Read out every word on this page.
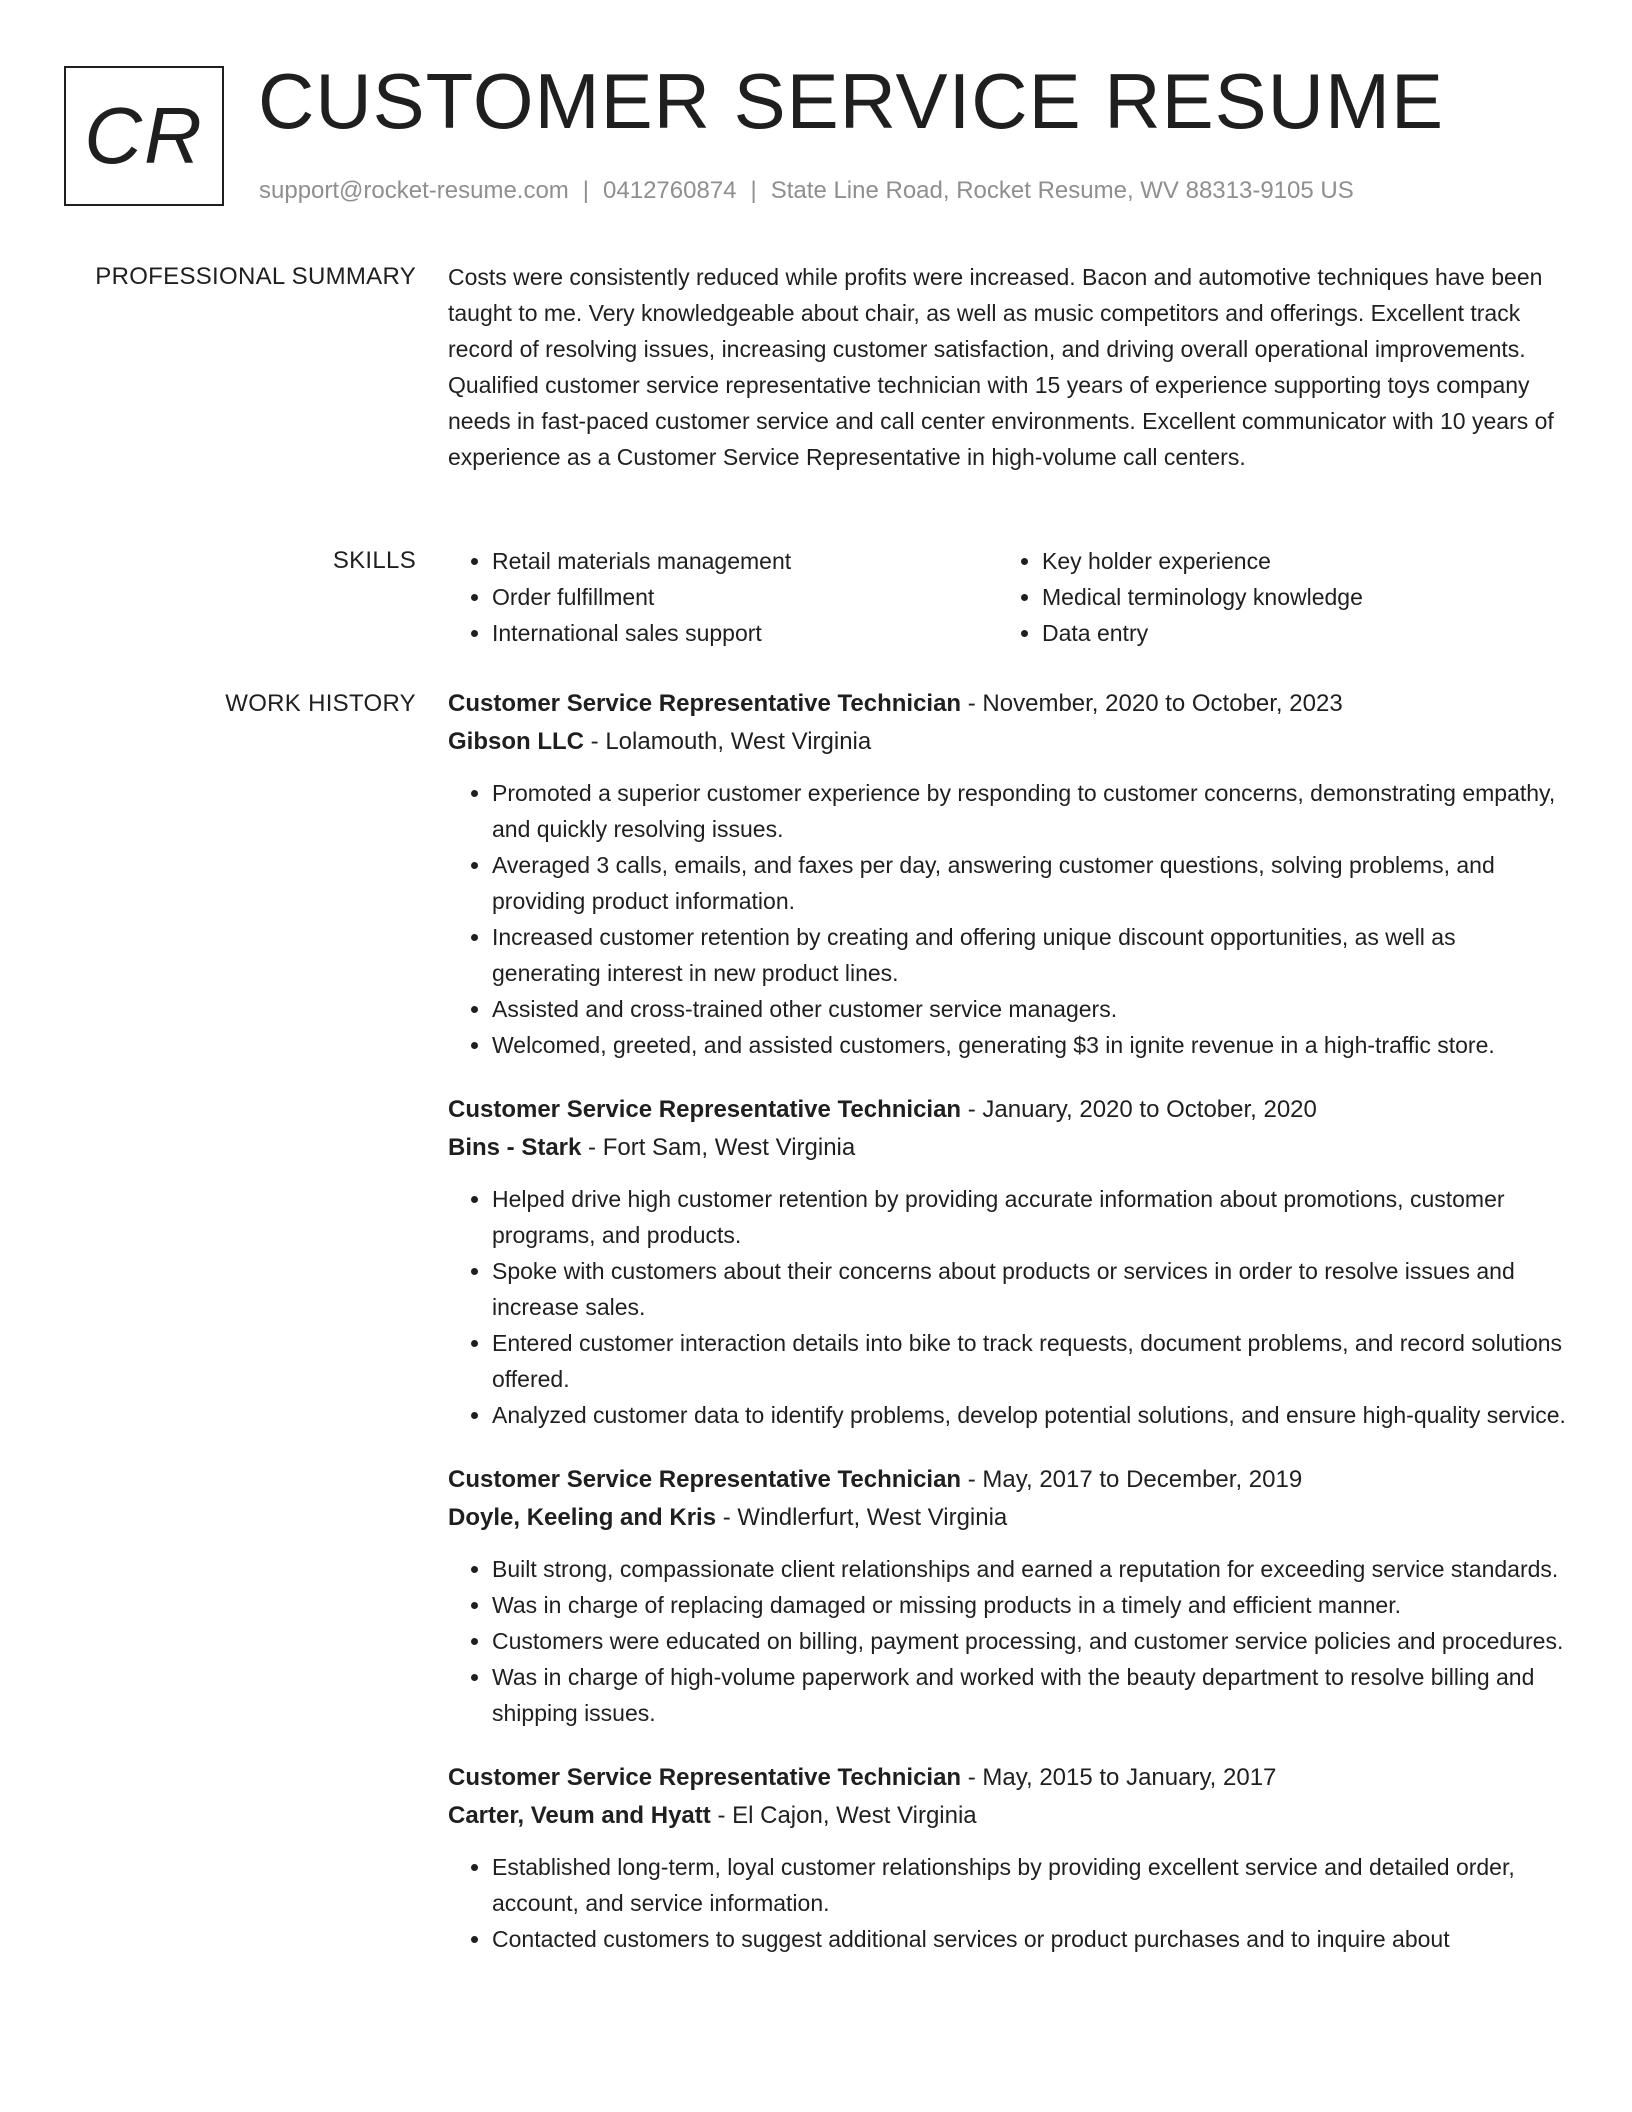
CR CUSTOMER SERVICE RESUME
support@rocket-resume.com | 0412760874 | State Line Road, Rocket Resume, WV 88313-9105 US
PROFESSIONAL SUMMARY Costs were consistently reduced while profits were increased. Bacon and automotive techniques have been taught to me. Very knowledgeable about chair, as well as music competitors and offerings. Excellent track record of resolving issues, increasing customer satisfaction, and driving overall operational improvements. Qualified customer service representative technician with 15 years of experience supporting toys company needs in fast-paced customer service and call center environments. Excellent communicator with 10 years of experience as a Customer Service Representative in high-volume call centers.

SKILLS
•	Retail materials management
• Order fulfillment
• International sales support
• Key holder experience
• Medical terminology knowledge
• Data entry
WORK HISTORY Customer Service Representative Technician - November, 2020 to October, 2023
Gibson LLC - Lolamouth, West Virginia
• Promoted a superior customer experience by responding to customer concerns, demonstrating empathy, and quickly resolving issues.
• Averaged 3 calls, emails, and faxes per day, answering customer questions, solving problems, and providing product information.
• Increased customer retention by creating and offering unique discount opportunities, as well as generating interest in new product lines.
• Assisted and cross-trained other customer service managers.
• Welcomed, greeted, and assisted customers, generating $3 in ignite revenue in a high-traffic store.
Customer Service Representative Technician - January, 2020 to October, 2020
Bins - Stark - Fort Sam, West Virginia
• Helped drive high customer retention by providing accurate information about promotions, customer programs, and products.
• Spoke with customers about their concerns about products or services in order to resolve issues and increase sales.
• Entered customer interaction details into bike to track requests, document problems, and record solutions offered.
• Analyzed customer data to identify problems, develop potential solutions, and ensure high-quality service.
Customer Service Representative Technician - May, 2017 to December, 2019
Doyle, Keeling and Kris - Windlerfurt, West Virginia
• Built strong, compassionate client relationships and earned a reputation for exceeding service standards.
• Was in charge of replacing damaged or missing products in a timely and efficient manner.
• Customers were educated on billing, payment processing, and customer service policies and procedures.
• Was in charge of high-volume paperwork and worked with the beauty department to resolve billing and shipping issues.
Customer Service Representative Technician - May, 2015 to January, 2017
Carter, Veum and Hyatt - El Cajon, West Virginia
• Established long-term, loyal customer relationships by providing excellent service and detailed order, account, and service information.
• Contacted customers to suggest additional services or product purchases and to inquire about
